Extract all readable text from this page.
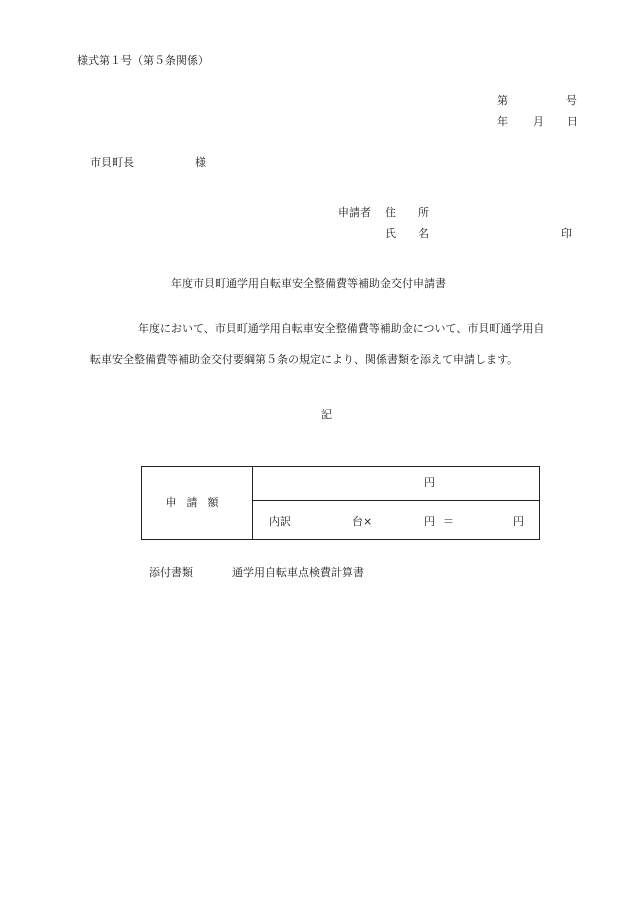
様式第１号（第５条関係）
第	号
年 月 日
市貝町長	様
申請者 住　　所
氏　　名	印
年度市貝町通学用自転車安全整備費等補助金交付申請書
年度において、市貝町通学用自転車安全整備費等補助金について、市貝町通学用自
転車安全整備費等補助金交付要綱第５条の規定により、関係書類を添えて申請します。
記
申請額
円
内訳	台×	円 ＝	円
添付書類	通学用自転車点検費計算書
